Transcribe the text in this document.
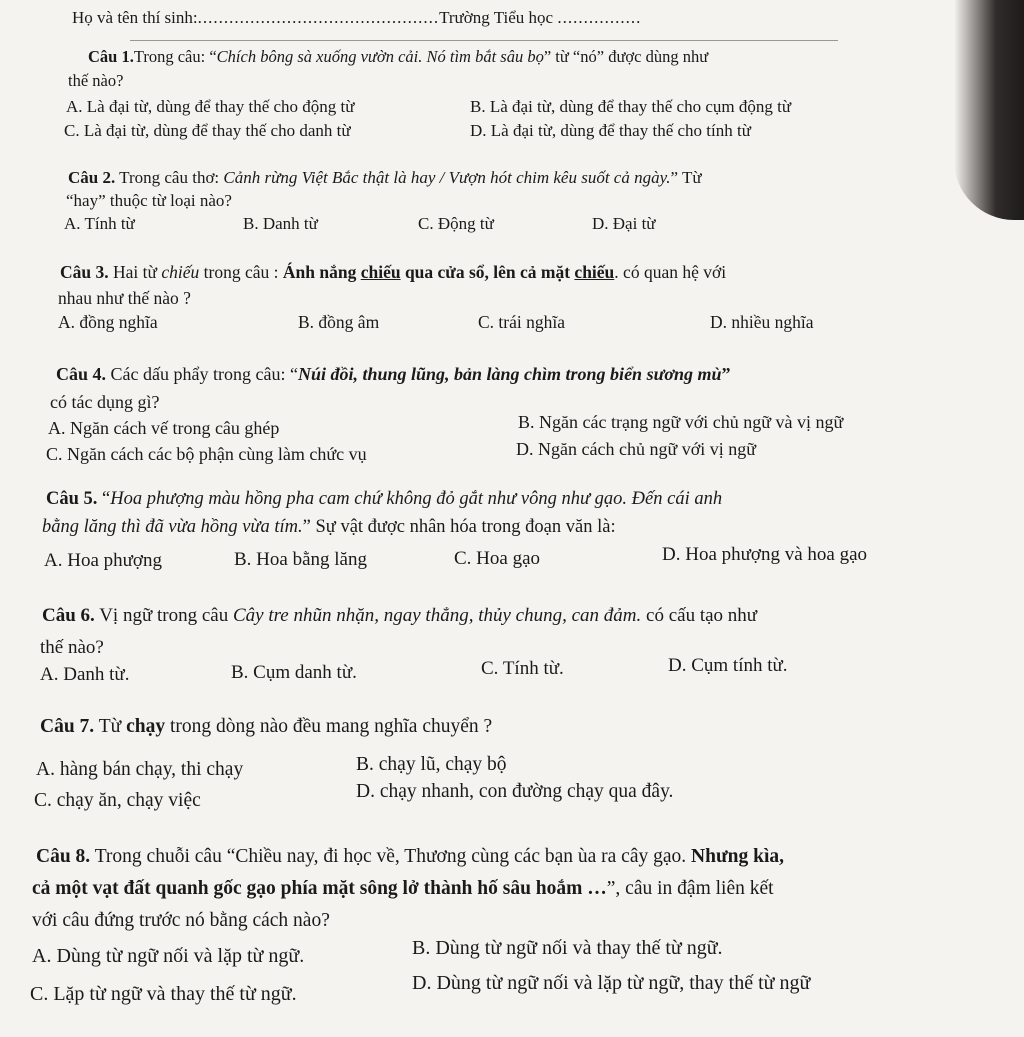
Họ và tên thí sinh:..............................................Trường Tiểu học ................
Câu 1.Trong câu: “Chích bông sà xuống vườn cải. Nó tìm bắt sâu bọ” từ “nó” được dùng như
thế nào?
A. Là đại từ, dùng để thay thế cho động từ	B. Là đại từ, dùng để thay thế cho cụm động từ
C. Là đại từ, dùng để thay thế cho danh từ	D. Là đại từ, dùng để thay thế cho tính từ
Câu 2. Trong câu thơ: Cảnh rừng Việt Bắc thật là hay / Vượn hót chim kêu suốt cả ngày.” Từ
“hay” thuộc từ loại nào?
A. Tính từ	B. Danh từ	C. Động từ	D. Đại từ
Câu 3. Hai từ chiếu trong câu : Ánh nắng chiếu qua cửa sổ, lên cả mặt chiếu. có quan hệ với
nhau như thế nào ?
A. đồng nghĩa	B. đồng âm	C. trái nghĩa	D. nhiều nghĩa
Câu 4. Các dấu phẩy trong câu: “Núi đồi, thung lũng, bản làng chìm trong biển sương mù”
có tác dụng gì?
A. Ngăn cách vế trong câu ghép	B. Ngăn các trạng ngữ với chủ ngữ và vị ngữ
C. Ngăn cách các bộ phận cùng làm chức vụ	D. Ngăn cách chủ ngữ với vị ngữ
Câu 5. “Hoa phượng màu hồng pha cam chứ không đỏ gắt như vông như gạo. Đến cái anh
bằng lăng thì đã vừa hồng vừa tím.” Sự vật được nhân hóa trong đoạn văn là:
A. Hoa phượng	B. Hoa bằng lăng	C. Hoa gạo	D. Hoa phượng và hoa gạo
Câu 6. Vị ngữ trong câu Cây tre nhũn nhặn, ngay thẳng, thủy chung, can đảm. có cấu tạo như
thế nào?
A. Danh từ.	B. Cụm danh từ.	C. Tính từ.	D. Cụm tính từ.
Câu 7. Từ chạy trong dòng nào đều mang nghĩa chuyển ?
A. hàng bán chạy, thi chạy	B. chạy lũ, chạy bộ
C. chạy ăn, chạy việc	D. chạy nhanh, con đường chạy qua đây.
Câu 8. Trong chuỗi câu “Chiều nay, đi học về, Thương cùng các bạn ùa ra cây gạo. Nhưng kìa,
cả một vạt đất quanh gốc gạo phía mặt sông lở thành hố sâu hoắm …”, câu in đậm liên kết
với câu đứng trước nó bằng cách nào?
A. Dùng từ ngữ nối và lặp từ ngữ.	B. Dùng từ ngữ nối và thay thế từ ngữ.
C. Lặp từ ngữ và thay thế từ ngữ.	D. Dùng từ ngữ nối và lặp từ ngữ, thay thế từ ngữ
